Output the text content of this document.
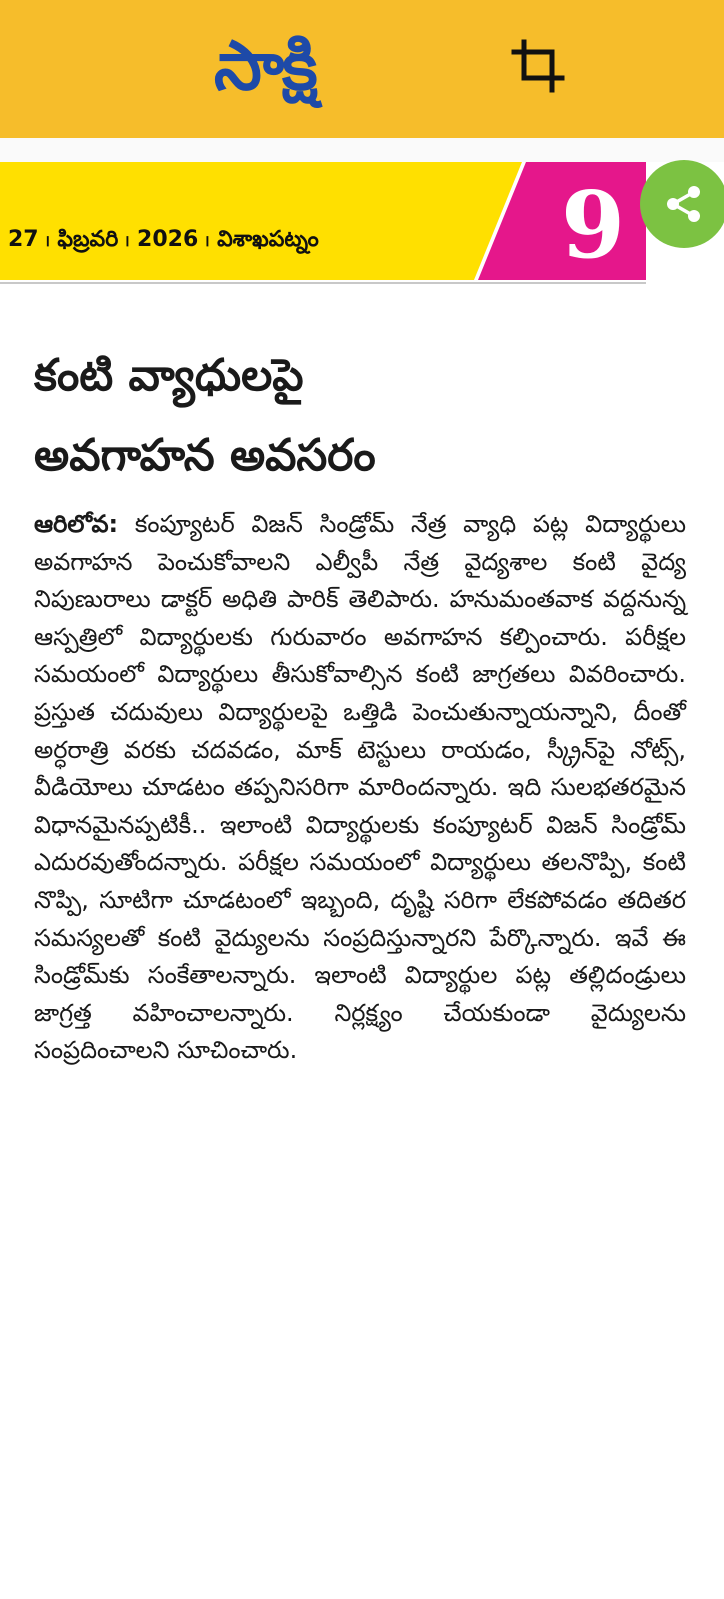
సాక్షి
27 ၊ ఫిబ్రవరి ၊ 2026 ၊ విశాఖపట్నం	9
కంటి వ్యాధులపై
అవగాహన అవసరం

ఆరిలోవ: కంప్యూటర్ విజన్ సిండ్రోమ్ నేత్ర వ్యాధి పట్ల విద్యార్థులు అవగాహన పెంచుకోవాలని ఎల్వీపీ నేత్ర వైద్యశాల కంటి వైద్య నిపుణురాలు డాక్టర్ అధితి పారిక్ తెలిపారు. హనుమంతవాక వద్దనున్న ఆస్పత్రిలో విద్యార్థులకు గురువారం అవగాహన కల్పించారు. పరీక్షల సమయంలో విద్యార్థులు తీసుకోవాల్సిన కంటి జాగ్రతలు వివరించారు. ప్రస్తుత చదువులు విద్యార్థులపై ఒత్తిడి పెంచుతున్నాయన్నాని, దీంతో అర్ధరాత్రి వరకు చదవడం, మాక్ టెస్టులు రాయడం, స్క్రీన్‌పై నోట్స్, వీడియోలు చూడటం తప్పనిసరిగా మారిందన్నారు. ఇది సులభతరమైన విధానమైనప్పటికీ.. ఇలాంటి విద్యార్థులకు కంప్యూటర్ విజన్ సిండ్రోమ్ ఎదురవుతోందన్నారు. పరీక్షల సమయంలో విద్యార్థులు తలనొప్పి, కంటి నొప్పి, సూటిగా చూడటంలో ఇబ్బంది, దృష్టి సరిగా లేకపోవడం తదితర సమస్యలతో కంటి వైద్యులను సంప్రదిస్తున్నారని పేర్కొన్నారు. ఇవే ఈ సిండ్రోమ్‌కు సంకేతాలన్నారు. ఇలాంటి విద్యార్థుల పట్ల తల్లిదండ్రులు జాగ్రత్త వహించాలన్నారు. నిర్లక్ష్యం చేయకుండా వైద్యులను సంప్రదించాలని సూచించారు.
